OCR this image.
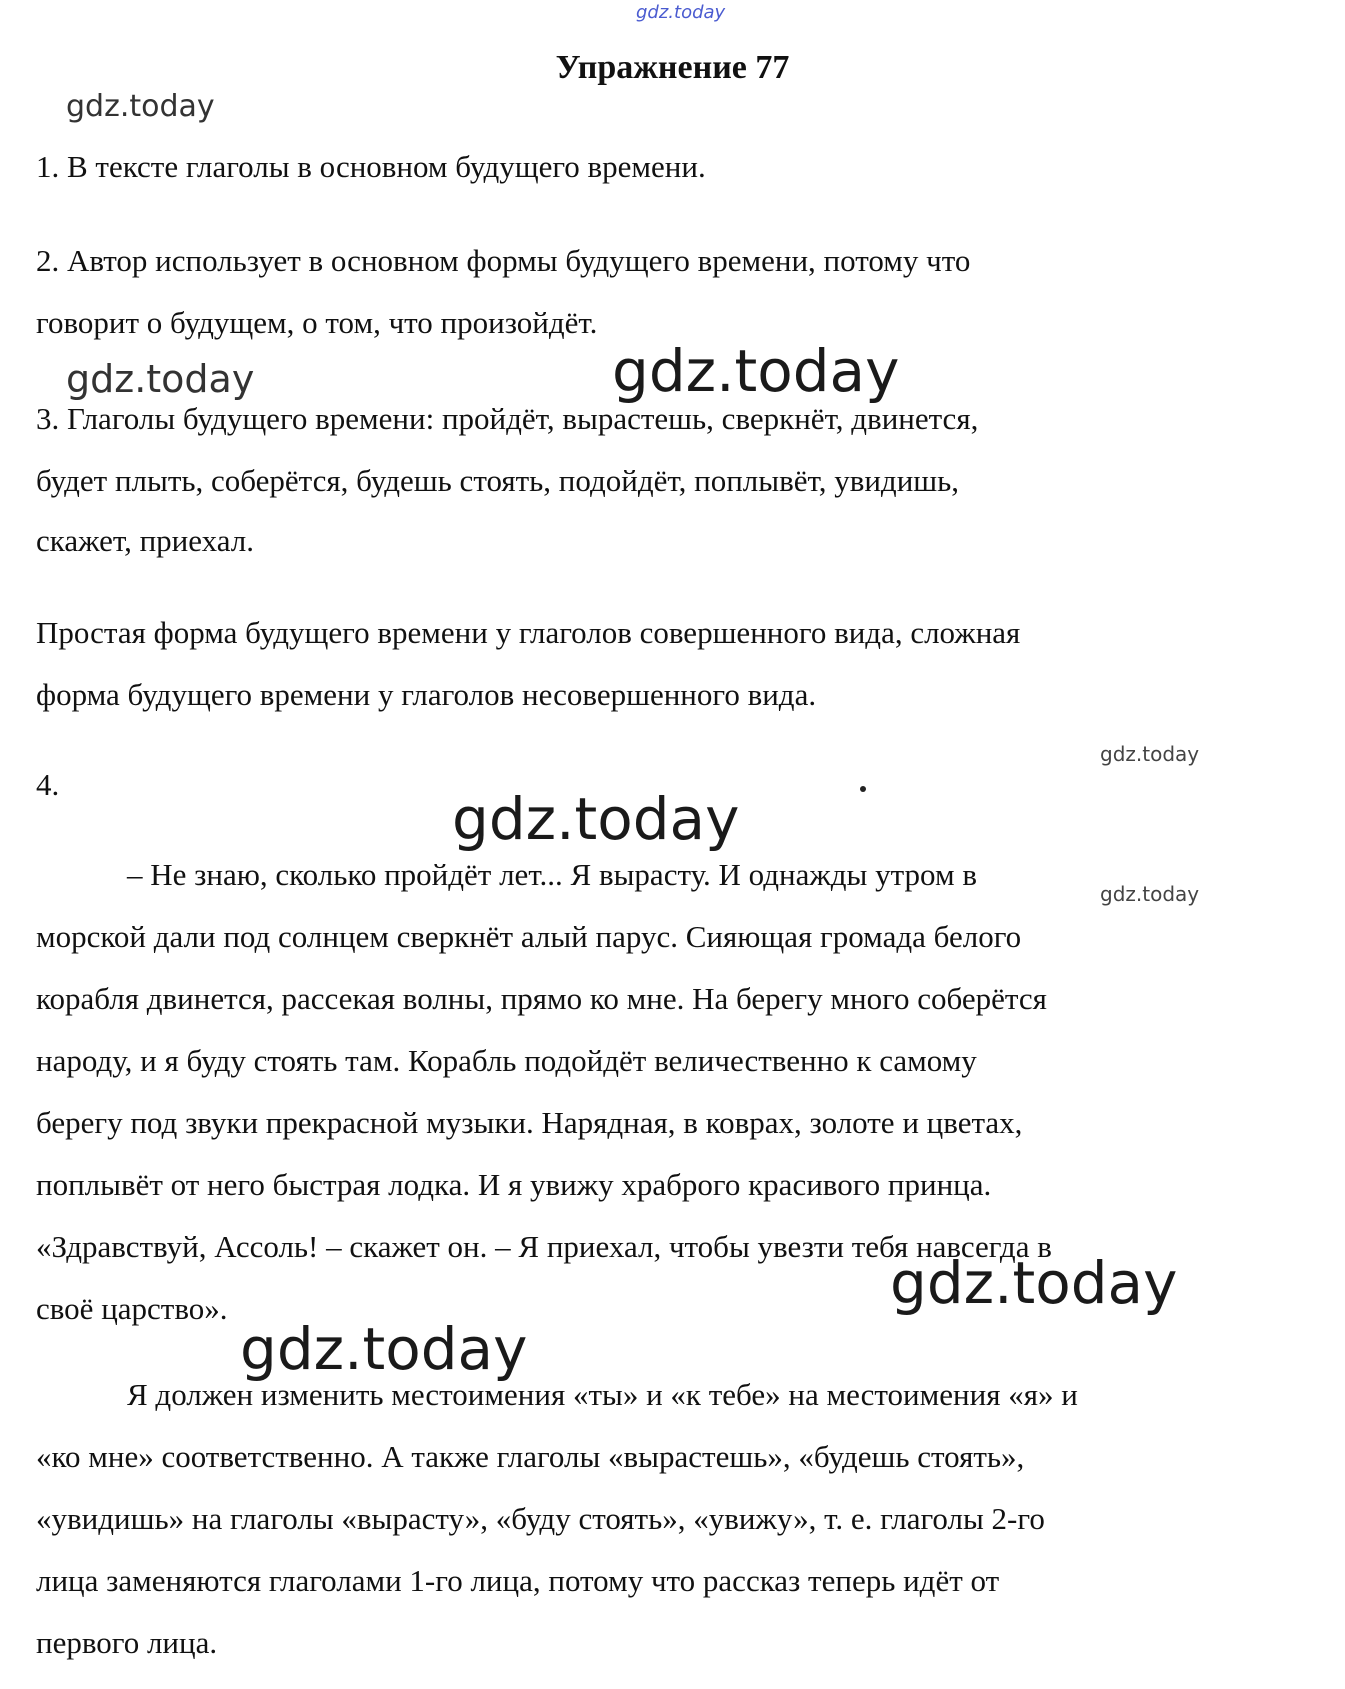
gdz.today
gdz.today
gdz.today	gdz.today
gdz.today
gdz.today
gdz.today
gdz.today
gdz.today
Упражнение 77

1. В тексте глаголы в основном будущего времени.

2. Автор использует в основном формы будущего времени, потому что

говорит о будущем, о том, что произойдёт.

3. Глаголы будущего времени: пройдёт, вырастешь, сверкнёт, двинется,

будет плыть, соберётся, будешь стоять, подойдёт, поплывёт, увидишь,

скажет, приехал.

Простая форма будущего времени у глаголов совершенного вида, сложная

форма будущего времени у глаголов несовершенного вида.

4.

– Не знаю, сколько пройдёт лет... Я вырасту. И однажды утром в

морской дали под солнцем сверкнёт алый парус. Сияющая громада белого

корабля двинется, рассекая волны, прямо ко мне. На берегу много соберётся

народу, и я буду стоять там. Корабль подойдёт величественно к самому

берегу под звуки прекрасной музыки. Нарядная, в коврах, золоте и цветах,

поплывёт от него быстрая лодка. И я увижу храброго красивого принца.

«Здравствуй, Ассоль! – скажет он. – Я приехал, чтобы увезти тебя навсегда в

своё царство».

Я должен изменить местоимения «ты» и «к тебе» на местоимения «я» и

«ко мне» соответственно. А также глаголы «вырастешь», «будешь стоять»,

«увидишь» на глаголы «вырасту», «буду стоять», «увижу», т. е. глаголы 2-го

лица заменяются глаголами 1-го лица, потому что рассказ теперь идёт от

первого лица.
